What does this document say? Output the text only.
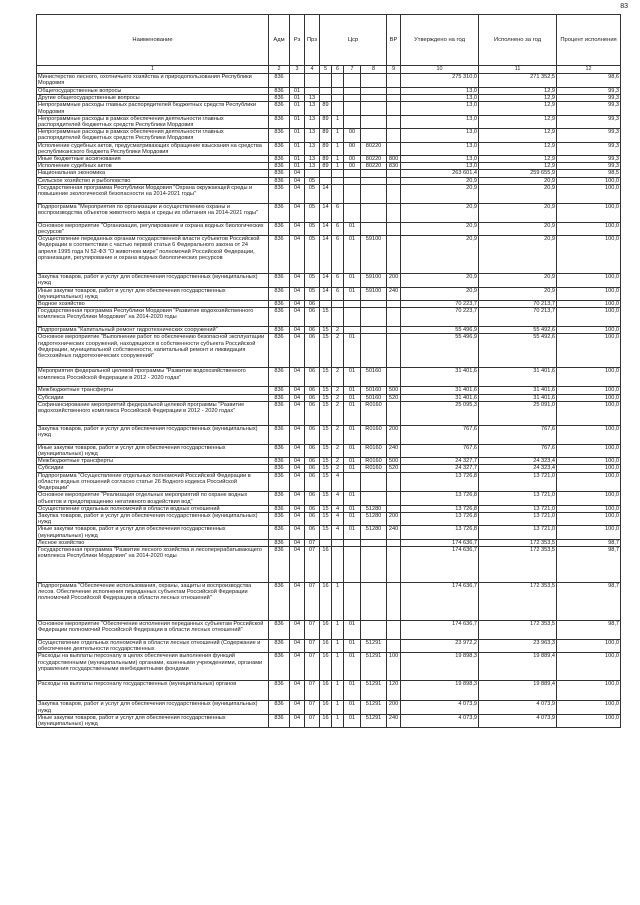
83
Наименование	Адм	Рз	Прз	Цср				ВР	Утверждено на год	Исполнено за год	Процент исполнения
1	2	3	4	5	6	7	8	9	10	11	12
Министерство лесного, охотничьего хозяйства и природопользования Республики Мордовия	836								275 310,0	271 352,5	98,6
Общегосударственные вопросы	836	01							13,0	12,9	99,3
Другие общегосударственные вопросы	836	01	13						13,0	12,9	99,3
Непрограммные расходы главных распорядителей бюджетных средств Республики Мордовия	836	01	13	89					13,0	12,9	99,3
Непрограммные расходы в рамках обеспечения деятельности главных распорядителей бюджетных средств Республики Мордовия	836	01	13	89	1				13,0	12,9	99,3
Непрограммные расходы в рамках обеспечения деятельности главных распорядителей бюджетных средств Республики Мордовия	836	01	13	89	1	00			13,0	12,9	99,3
Исполнение судебных актов, предусматривающих обращение взыскания на средства республиканского бюджета Республики Мордовия	836	01	13	89	1	00	80220		13,0	12,9	99,3
Иные бюджетные ассигнования	836	01	13	89	1	00	80220	800	13,0	12,9	99,3
Исполнение судебных актов	836	01	13	89	1	00	80220	830	13,0	12,9	99,3
Национальная экономика	836	04							263 601,4	259 655,9	98,5
Сельское хозяйство и рыболовство	836	04	05						20,9	20,9	100,0
Государственная программа Республики Мордовия "Охрана окружающей среды и повышение экологической безопасности на 2014-2021 годы"	836	04	05	14					20,9	20,9	100,0
Подпрограмма "Мероприятия по организации и осуществлению охраны и воспроизводства объектов животного мира и среды их обитания на 2014-2021 годы"	836	04	05	14	6				20,9	20,9	100,0
Основное мероприятие "Организация, регулирование и охрана водных биологических ресурсов"	836	04	05	14	6	01			20,9	20,9	100,0
Осуществление переданных органам государственной власти субъектов Российской Федерации в соответствии с частью первой статьи 6 Федерального закона от 24 апреля 1995 года N 52-ФЗ "О животном мире" полномочий Российской Федерации, организация, регулирование и охрана водных биологических ресурсов	836	04	05	14	6	01	59100		20,9	20,9	100,0
Закупка товаров, работ и услуг для обеспечения государственных (муниципальных) нужд	836	04	05	14	6	01	59100	200	20,9	20,9	100,0
Иные закупки товаров, работ и услуг для обеспечения государственных (муниципальных) нужд	836	04	05	14	6	01	59100	240	20,9	20,9	100,0
Водное хозяйство	836	04	06						70 223,7	70 213,7	100,0
Государственная программа Республики Мордовия "Развитие водохозяйственного комплекса Республики Мордовия" на 2014-2020 годы	836	04	06	15					70 223,7	70 213,7	100,0
Подпрограмма "Капитальный ремонт гидротехнических сооружений"	836	04	06	15	2				55 496,9	55 492,6	100,0
Основное мероприятие "Выполнение работ по обеспечению безопасной эксплуатации гидротехнических сооружений, находящихся в собственности субъекта Российской Федерации, муниципальной собственности, капитальный ремонт и ликвидация бесхозяйных гидротехнических сооружений"	836	04	06	15	2	01			55 496,9	55 492,6	100,0
Мероприятия федеральной целевой программы "Развитие водохозяйственного комплекса Российской Федерации в 2012 - 2020 годах"	836	04	06	15	2	01	50160		31 401,6	31 401,6	100,0
Межбюджетные трансферты	836	04	06	15	2	01	50160	500	31 401,6	31 401,6	100,0
Субсидии	836	04	06	15	2	01	50160	520	31 401,6	31 401,6	100,0
Софинансирование мероприятий федеральной целевой программы "Развитие водохозяйственного комплекса Российской Федерации в 2012 - 2020 годах"	836	04	06	15	2	01	R0160		25 095,3	25 091,0	100,0
Закупка товаров, работ и услуг для обеспечения государственных (муниципальных) нужд	836	04	06	15	2	01	R0160	200	767,6	767,6	100,0
Иные закупки товаров, работ и услуг для обеспечения государственных (муниципальных) нужд	836	04	06	15	2	01	R0160	240	767,6	767,6	100,0
Межбюджетные трансферты	836	04	06	15	2	01	R0160	500	24 327,7	24 323,4	100,0
Субсидии	836	04	06	15	2	01	R0160	520	24 327,7	24 323,4	100,0
Подпрограмма "Осуществление отдельных полномочий Российской Федерации в области водных отношений согласно статье 26 Водного кодекса Российской Федерации"	836	04	06	15	4				13 726,8	13 721,0	100,0
Основное мероприятие "Реализация отдельных мероприятий по охране водных объектов и предотвращению негативного воздействия вод"	836	04	06	15	4	01			13 726,8	13 721,0	100,0
Осуществление отдельных полномочий в области водных отношений	836	04	06	15	4	01	51280		13 726,8	13 721,0	100,0
Закупка товаров, работ и услуг для обеспечения государственных (муниципальных) нужд	836	04	06	15	4	01	51280	200	13 726,8	13 721,0	100,0
Иные закупки товаров, работ и услуг для обеспечения государственных (муниципальных) нужд	836	04	06	15	4	01	51280	240	13 726,8	13 721,0	100,0
Лесное хозяйство	836	04	07						174 636,7	172 353,5	98,7
Государственная программа "Развитие лесного хозяйства и лесоперерабатывающего комплекса Республики Мордовия" на 2014-2020 годы	836	04	07	16					174 636,7	172 353,5	98,7
Подпрограмма "Обеспечение использования, охраны, защиты и воспроизводства лесов. Обеспечение исполнения переданных субъектам Российской Федерации полномочий Российской Федерации в области лесных отношений"	836	04	07	16	1				174 636,7	172 353,5	98,7
Основное мероприятие "Обеспечение исполнения переданных субъектам Российской Федерации полномочий Российской Федерации в области лесных отношений"	836	04	07	16	1	01			174 636,7	172 353,5	98,7
Осуществление отдельных полномочий в области лесных отношений (Содержание и обеспечение деятельности государственных	836	04	07	16	1	01	51291		23 972,2	23 963,3	100,0
Расходы на выплаты персоналу в целях обеспечения выполнения функций государственными (муниципальными) органами, казенными учреждениями, органами управления государственными внебюджетными фондами	836	04	07	16	1	01	51291	100	19 898,3	19 889,4	100,0
Расходы на выплаты персоналу государственных (муниципальных) органов	836	04	07	16	1	01	51291	120	19 898,3	19 889,4	100,0
Закупка товаров, работ и услуг для обеспечения государственных (муниципальных) нужд	836	04	07	16	1	01	51291	200	4 073,9	4 073,9	100,0
Иные закупки товаров, работ и услуг для обеспечения государственных (муниципальных) нужд	836	04	07	16	1	01	51291	240	4 073,9	4 073,9	100,0
